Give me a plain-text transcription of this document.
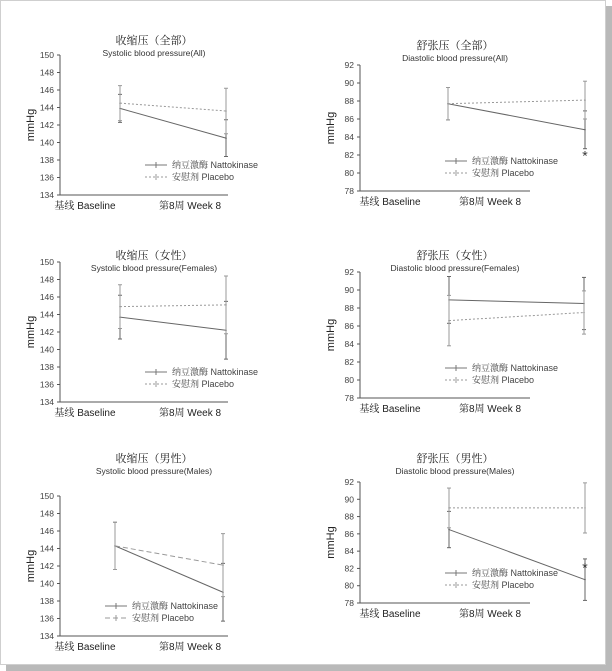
收缩压（全部）
Systolic blood pressure(All)
mmHg
134
136
138
140
142
144
146
148
150
基线 Baseline	第8周 Week 8
纳豆激酶 Nattokinase
安慰剂 Placebo
舒张压（全部）
Diastolic blood pressure(All)
mmHg
78
80
82
84
86
88
90
92
基线 Baseline	第8周 Week 8
纳豆激酶 Nattokinase
安慰剂 Placebo
*
收缩压（女性）
Systolic blood pressure(Females)
mmHg
134
136
138
140
142
144
146
148
150
基线 Baseline	第8周 Week 8
纳豆激酶 Nattokinase
安慰剂 Placebo
舒张压（女性）
Diastolic blood pressure(Females)
mmHg
78
80
82
84
86
88
90
92
基线 Baseline	第8周 Week 8
纳豆激酶 Nattokinase
安慰剂 Placebo
收缩压（男性）
Systolic blood pressure(Males)
mmHg
134
136
138
140
142
144
146
148
150
基线 Baseline	第8周 Week 8
纳豆激酶 Nattokinase
安慰剂 Placebo
舒张压（男性）
Diastolic blood pressure(Males)
mmHg
78
80
82
84
86
88
90
92
基线 Baseline	第8周 Week 8
纳豆激酶 Nattokinase
安慰剂 Placebo
*
